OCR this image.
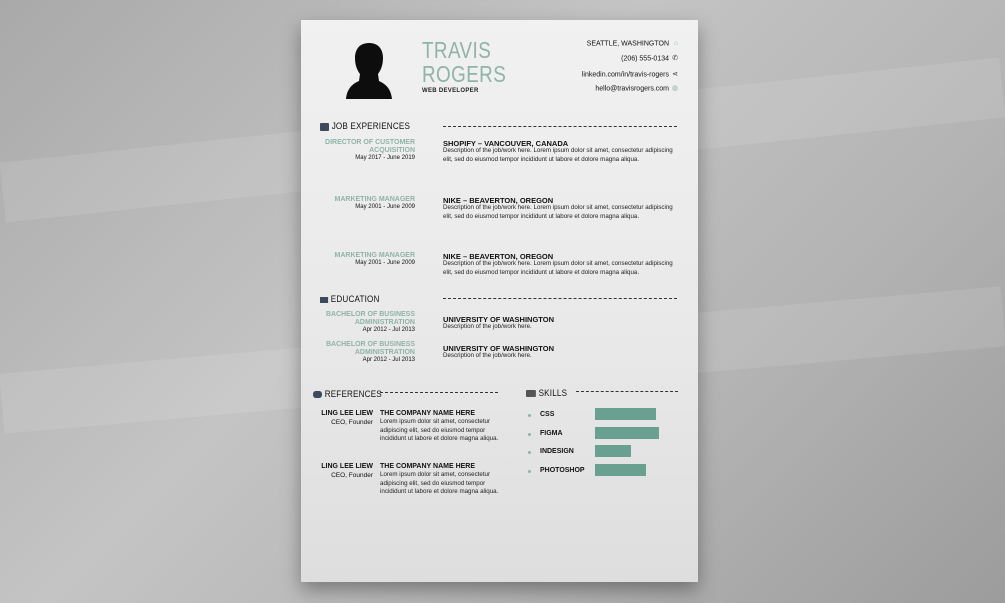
TRAVIS
ROGERS
WEB DEVELOPER
SEATTLE, WASHINGTON ⌂
(206) 555-0134 ✆
linkedin.com/in/travis-rogers ⋖
hello@travisrogers.com ◍
JOB EXPERIENCES
DIRECTOR OF CUSTOMER ACQUISITION
May 2017 - June 2019
SHOPIFY – VANCOUVER, CANADA
Description of the job/work here. Lorem ipsum dolor sit amet, consectetur adipiscing elit, sed do eiusmod tempor incididunt ut labore et dolore magna aliqua.
MARKETING MANAGER
May 2001 - June 2009
NIKE – BEAVERTON, OREGON
Description of the job/work here. Lorem ipsum dolor sit amet, consectetur adipiscing elit, sed do eiusmod tempor incididunt ut labore et dolore magna aliqua.
MARKETING MANAGER
May 2001 - June 2009
NIKE – BEAVERTON, OREGON
Description of the job/work here. Lorem ipsum dolor sit amet, consectetur adipiscing elit, sed do eiusmod tempor incididunt ut labore et dolore magna aliqua.
EDUCATION
BACHELOR OF BUSINESS ADMINISTRATION
Apr 2012 - Jul 2013
UNIVERSITY OF WASHINGTON
Description of the job/work here.
BACHELOR OF BUSINESS ADMINISTRATION
Apr 2012 - Jul 2013
UNIVERSITY OF WASHINGTON
Description of the job/work here.
REFERENCES
LING LEE LIEW
CEO, Founder
THE COMPANY NAME HERE
Lorem ipsum dolor sit amet, consectetur adipiscing elit, sed do eiusmod tempor incididunt ut labore et dolore magna aliqua.
LING LEE LIEW
CEO, Founder
THE COMPANY NAME HERE
Lorem ipsum dolor sit amet, consectetur adipiscing elit, sed do eiusmod tempor incididunt ut labore et dolore magna aliqua.
SKILLS
CSS
FIGMA
INDESIGN
PHOTOSHOP
